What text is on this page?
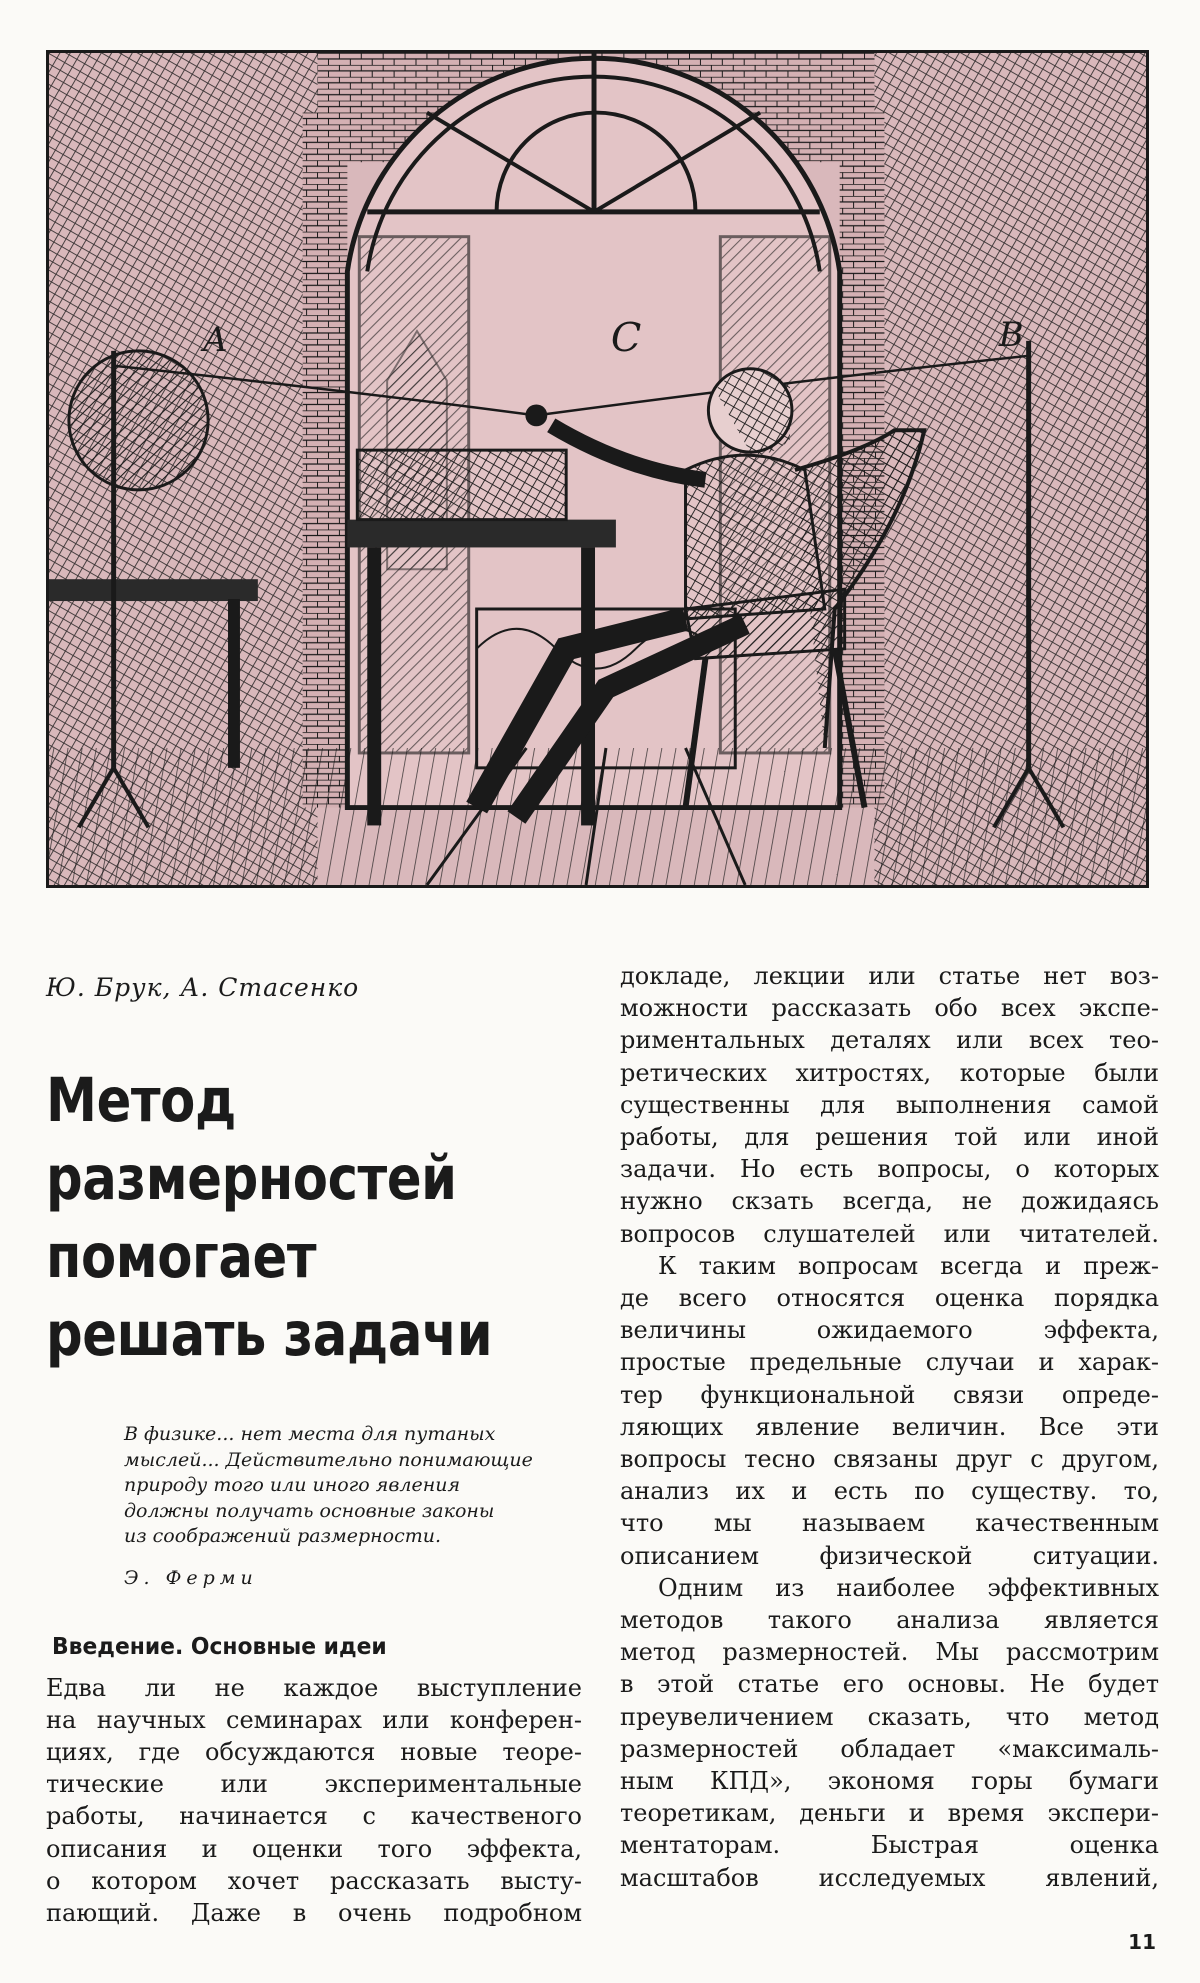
A	C	B
Ю. Брук, А. Стасенко
Метод
размерностей
помогает
решать задачи
В физике... нет места для путаных
мыслей... Действительно понимающие
природу того или иного явления
должны получать основные законы
из соображений размерности.
Э. Ферми
Введение. Основные идеи
Едва ли не каждое выступление
на научных семинарах или конферен-
циях, где обсуждаются новые теоре-
тические или экспериментальные
работы, начинается с качественого
описания и оценки того эффекта,
о котором хочет рассказать высту-
пающий. Даже в очень подробном
докладе, лекции или статье нет воз-
можности рассказать обо всех экспе-
риментальных деталях или всех тео-
ретических хитростях, которые были
существенны для выполнения самой
работы, для решения той или иной
задачи. Но есть вопросы, о которых
нужно скзать всегда, не дожидаясь
вопросов слушателей или читателей.
К таким вопросам всегда и преж-
де всего относятся оценка порядка
величины ожидаемого эффекта,
простые предельные случаи и харак-
тер функциональной связи опреде-
ляющих явление величин. Все эти
вопросы тесно связаны друг с другом,
анализ их и есть по существу. то,
что мы называем качественным
описанием физической ситуации.
Одним из наиболее эффективных
методов такого анализа является
метод размерностей. Мы рассмотрим
в этой статье его основы. Не будет
преувеличением сказать, что метод
размерностей обладает «максималь-
ным КПД», экономя горы бумаги
теоретикам, деньги и время экспери-
ментаторам. Быстрая оценка
масштабов исследуемых явлений,
11
